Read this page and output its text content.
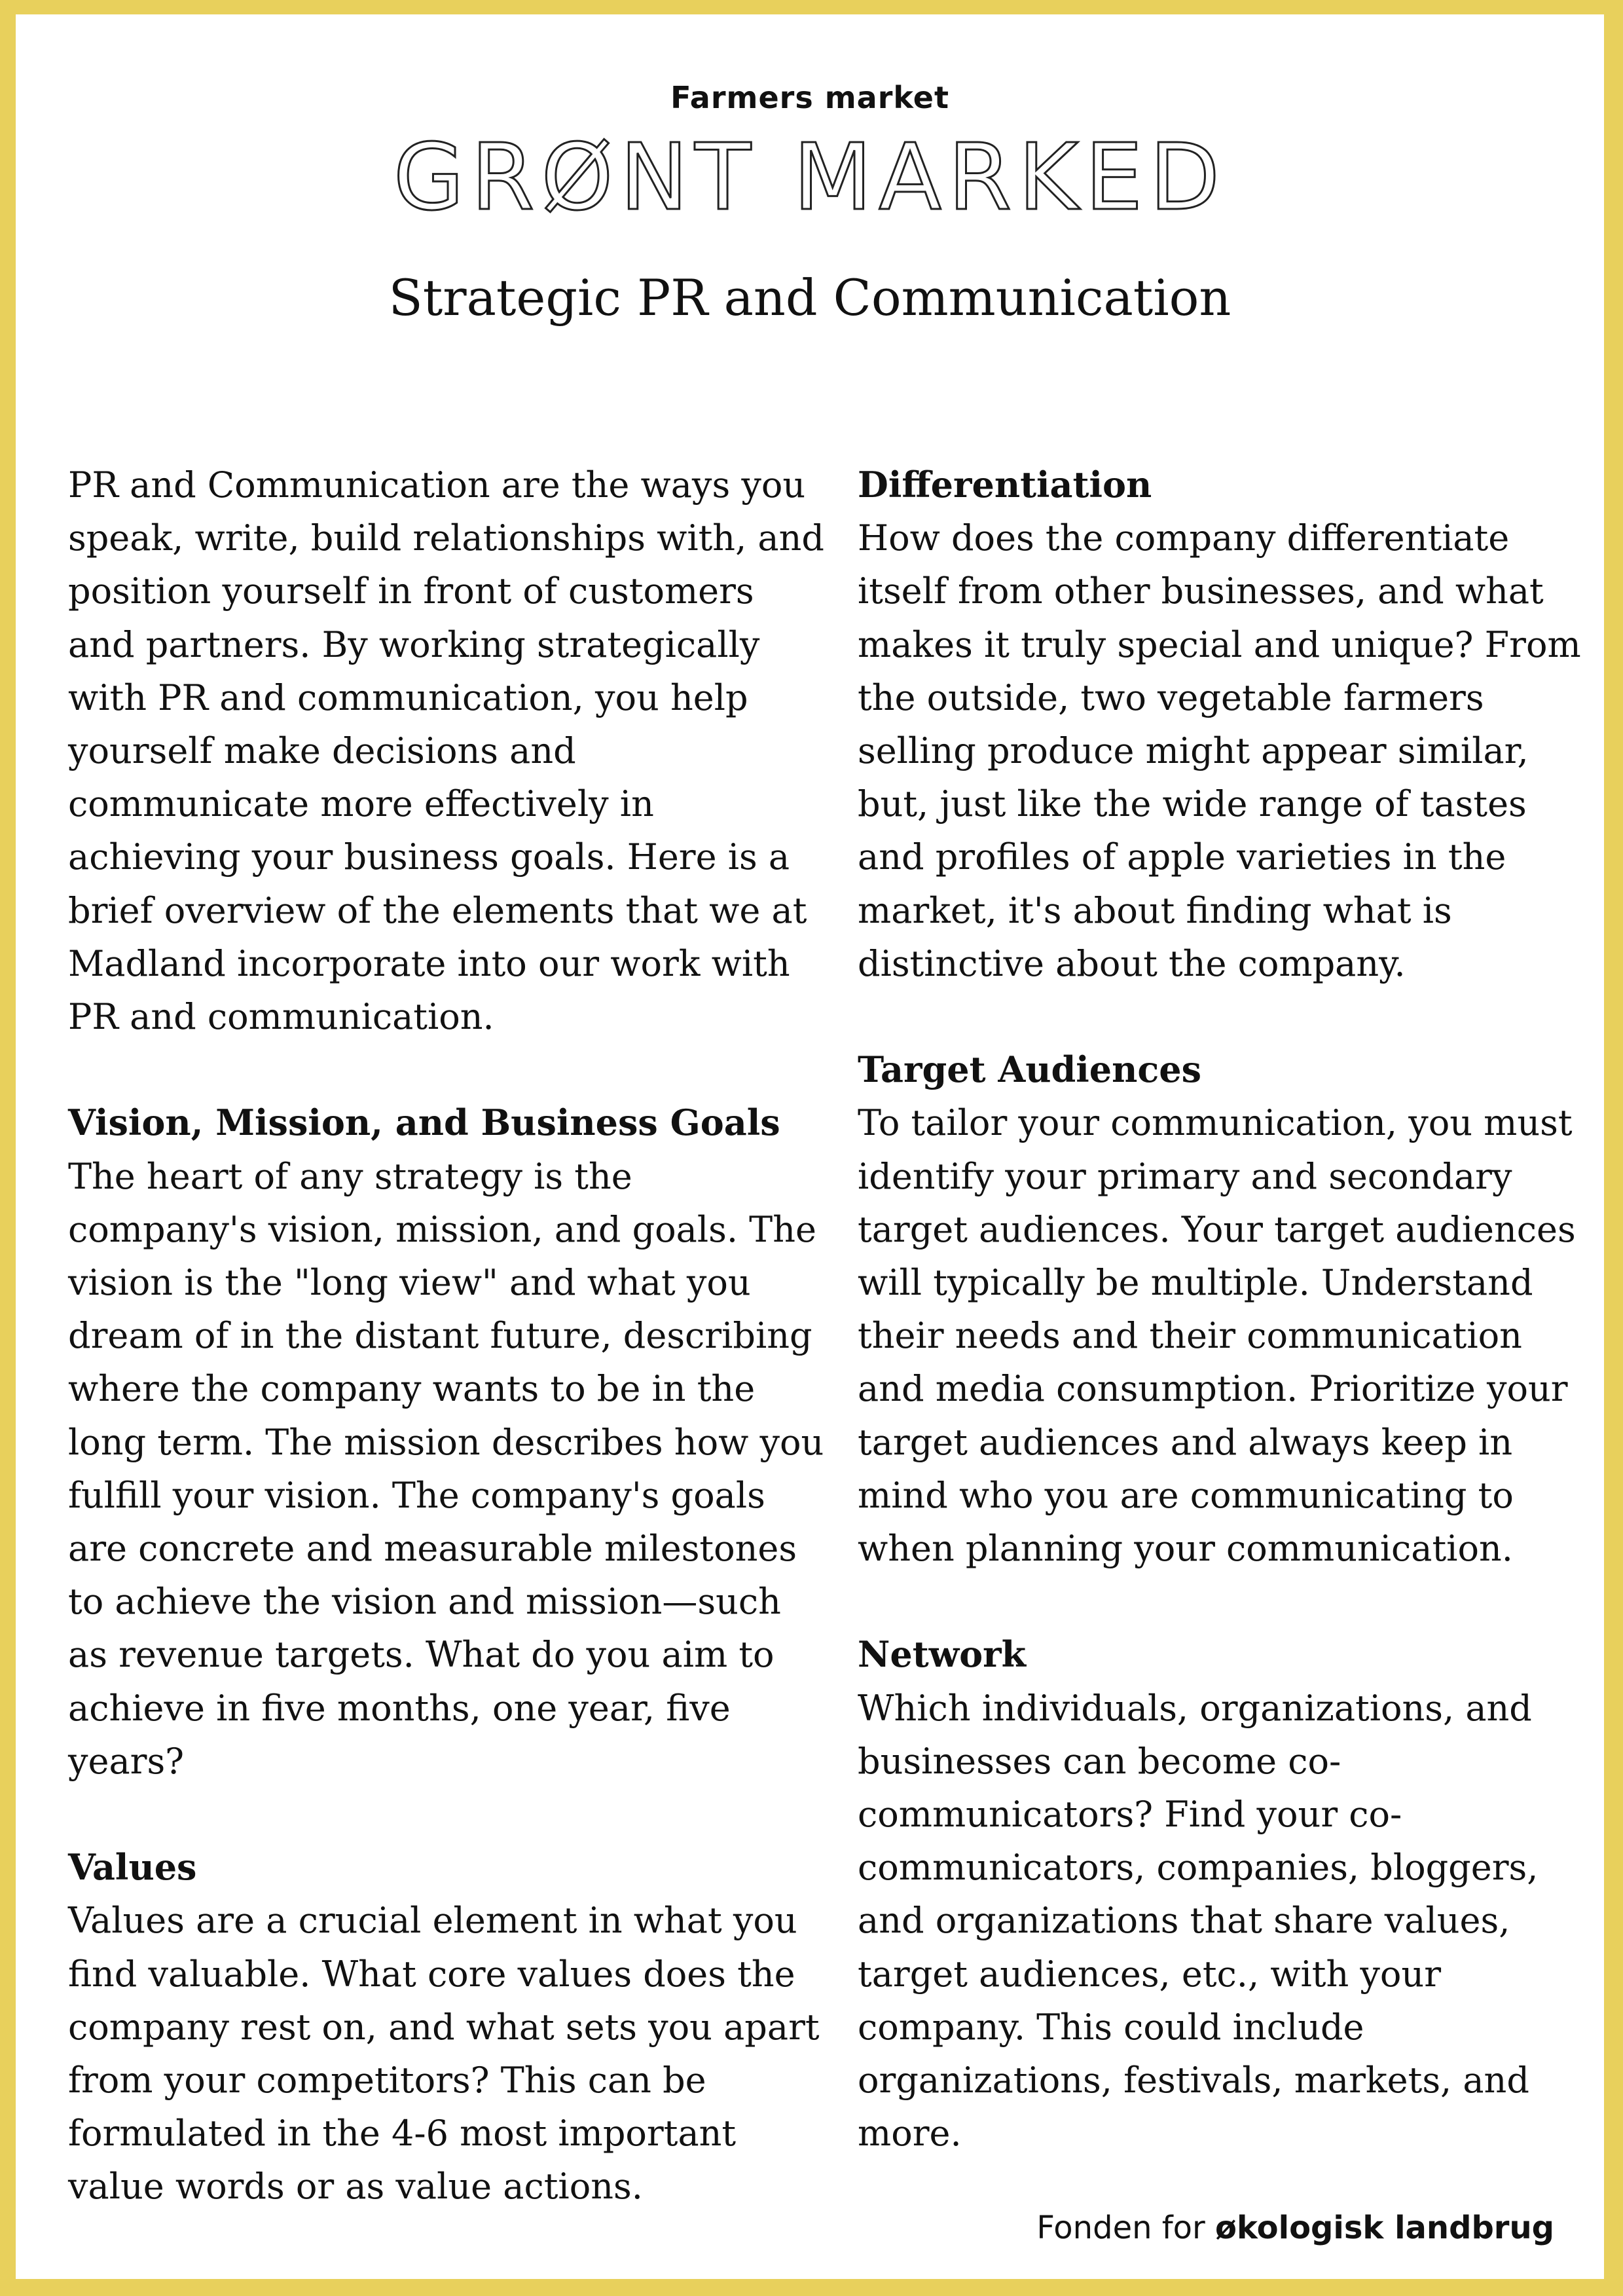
Farmers market
GRØNT MARKED
Strategic PR and Communication

PR and Communication are the ways you speak, write, build relationships with, and position yourself in front of customers and partners. By working strategically with PR and communication, you help yourself make decisions and communicate more effectively in achieving your business goals. Here is a brief overview of the elements that we at Madland incorporate into our work with PR and communication.

Vision, Mission, and Business Goals
The heart of any strategy is the company's vision, mission, and goals. The vision is the "long view" and what you dream of in the distant future, describing where the company wants to be in the long term. The mission describes how you fulfill your vision. The company's goals are concrete and measurable milestones to achieve the vision and mission—such as revenue targets. What do you aim to achieve in five months, one year, five years?

Values
Values are a crucial element in what you find valuable. What core values does the company rest on, and what sets you apart from your competitors? This can be formulated in the 4-6 most important value words or as value actions.

Differentiation
How does the company differentiate itself from other businesses, and what makes it truly special and unique? From the outside, two vegetable farmers selling produce might appear similar, but, just like the wide range of tastes and profiles of apple varieties in the market, it's about finding what is distinctive about the company.

Target Audiences
To tailor your communication, you must identify your primary and secondary target audiences. Your target audiences will typically be multiple. Understand their needs and their communication and media consumption. Prioritize your target audiences and always keep in mind who you are communicating to when planning your communication.

Network
Which individuals, organizations, and businesses can become co-communicators? Find your co-communicators, companies, bloggers, and organizations that share values, target audiences, etc., with your company. This could include organizations, festivals, markets, and more.

Fonden for økologisk landbrug
